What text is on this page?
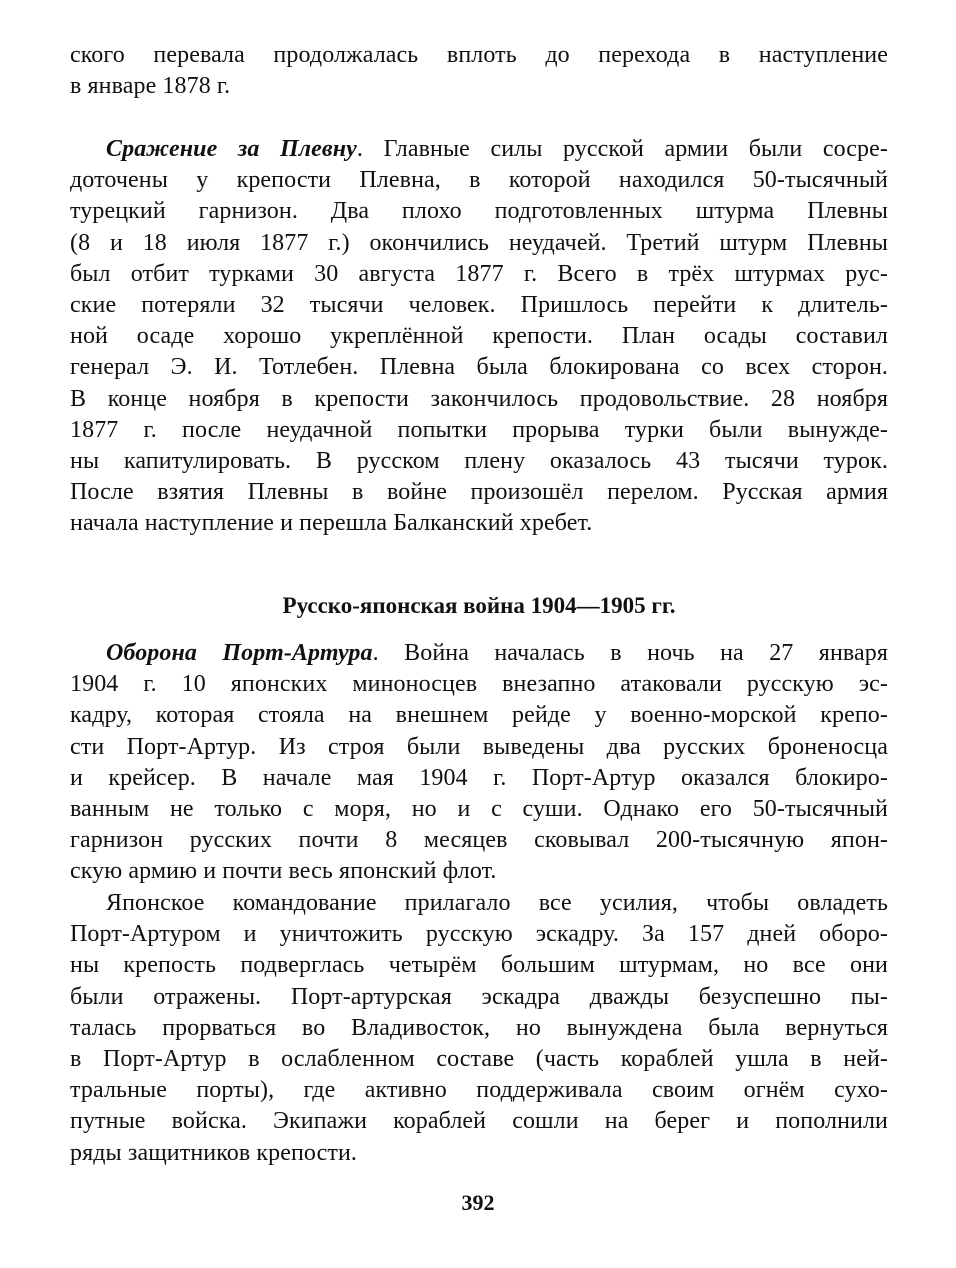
ского перевала продолжалась вплоть до перехода в наступление
в январе 1878 г.
Сражение за Плевну. Главные силы русской армии были сосре-
доточены у крепости Плевна, в которой находился 50-тысячный
турецкий гарнизон. Два плохо подготовленных штурма Плевны
(8 и 18 июля 1877 г.) окончились неудачей. Третий штурм Плевны
был отбит турками 30 августа 1877 г. Всего в трёх штурмах рус-
ские потеряли 32 тысячи человек. Пришлось перейти к длитель-
ной осаде хорошо укреплённой крепости. План осады составил
генерал Э. И. Тотлебен. Плевна была блокирована со всех сторон.
В конце ноября в крепости закончилось продовольствие. 28 ноября
1877 г. после неудачной попытки прорыва турки были вынужде-
ны капитулировать. В русском плену оказалось 43 тысячи турок.
После взятия Плевны в войне произошёл перелом. Русская армия
начала наступление и перешла Балканский хребет.
Русско-японская война 1904—1905 гг.
Оборона Порт-Артура. Война началась в ночь на 27 января
1904 г. 10 японских миноносцев внезапно атаковали русскую эс-
кадру, которая стояла на внешнем рейде у военно-морской крепо-
сти Порт-Артур. Из строя были выведены два русских броненосца
и крейсер. В начале мая 1904 г. Порт-Артур оказался блокиро-
ванным не только с моря, но и с суши. Однако его 50-тысячный
гарнизон русских почти 8 месяцев сковывал 200-тысячную япон-
скую армию и почти весь японский флот.
Японское командование прилагало все усилия, чтобы овладеть
Порт-Артуром и уничтожить русскую эскадру. За 157 дней оборо-
ны крепость подверглась четырём большим штурмам, но все они
были отражены. Порт-артурская эскадра дважды безуспешно пы-
талась прорваться во Владивосток, но вынуждена была вернуться
в Порт-Артур в ослабленном составе (часть кораблей ушла в ней-
тральные порты), где активно поддерживала своим огнём сухо-
путные войска. Экипажи кораблей сошли на берег и пополнили
ряды защитников крепости.
392
